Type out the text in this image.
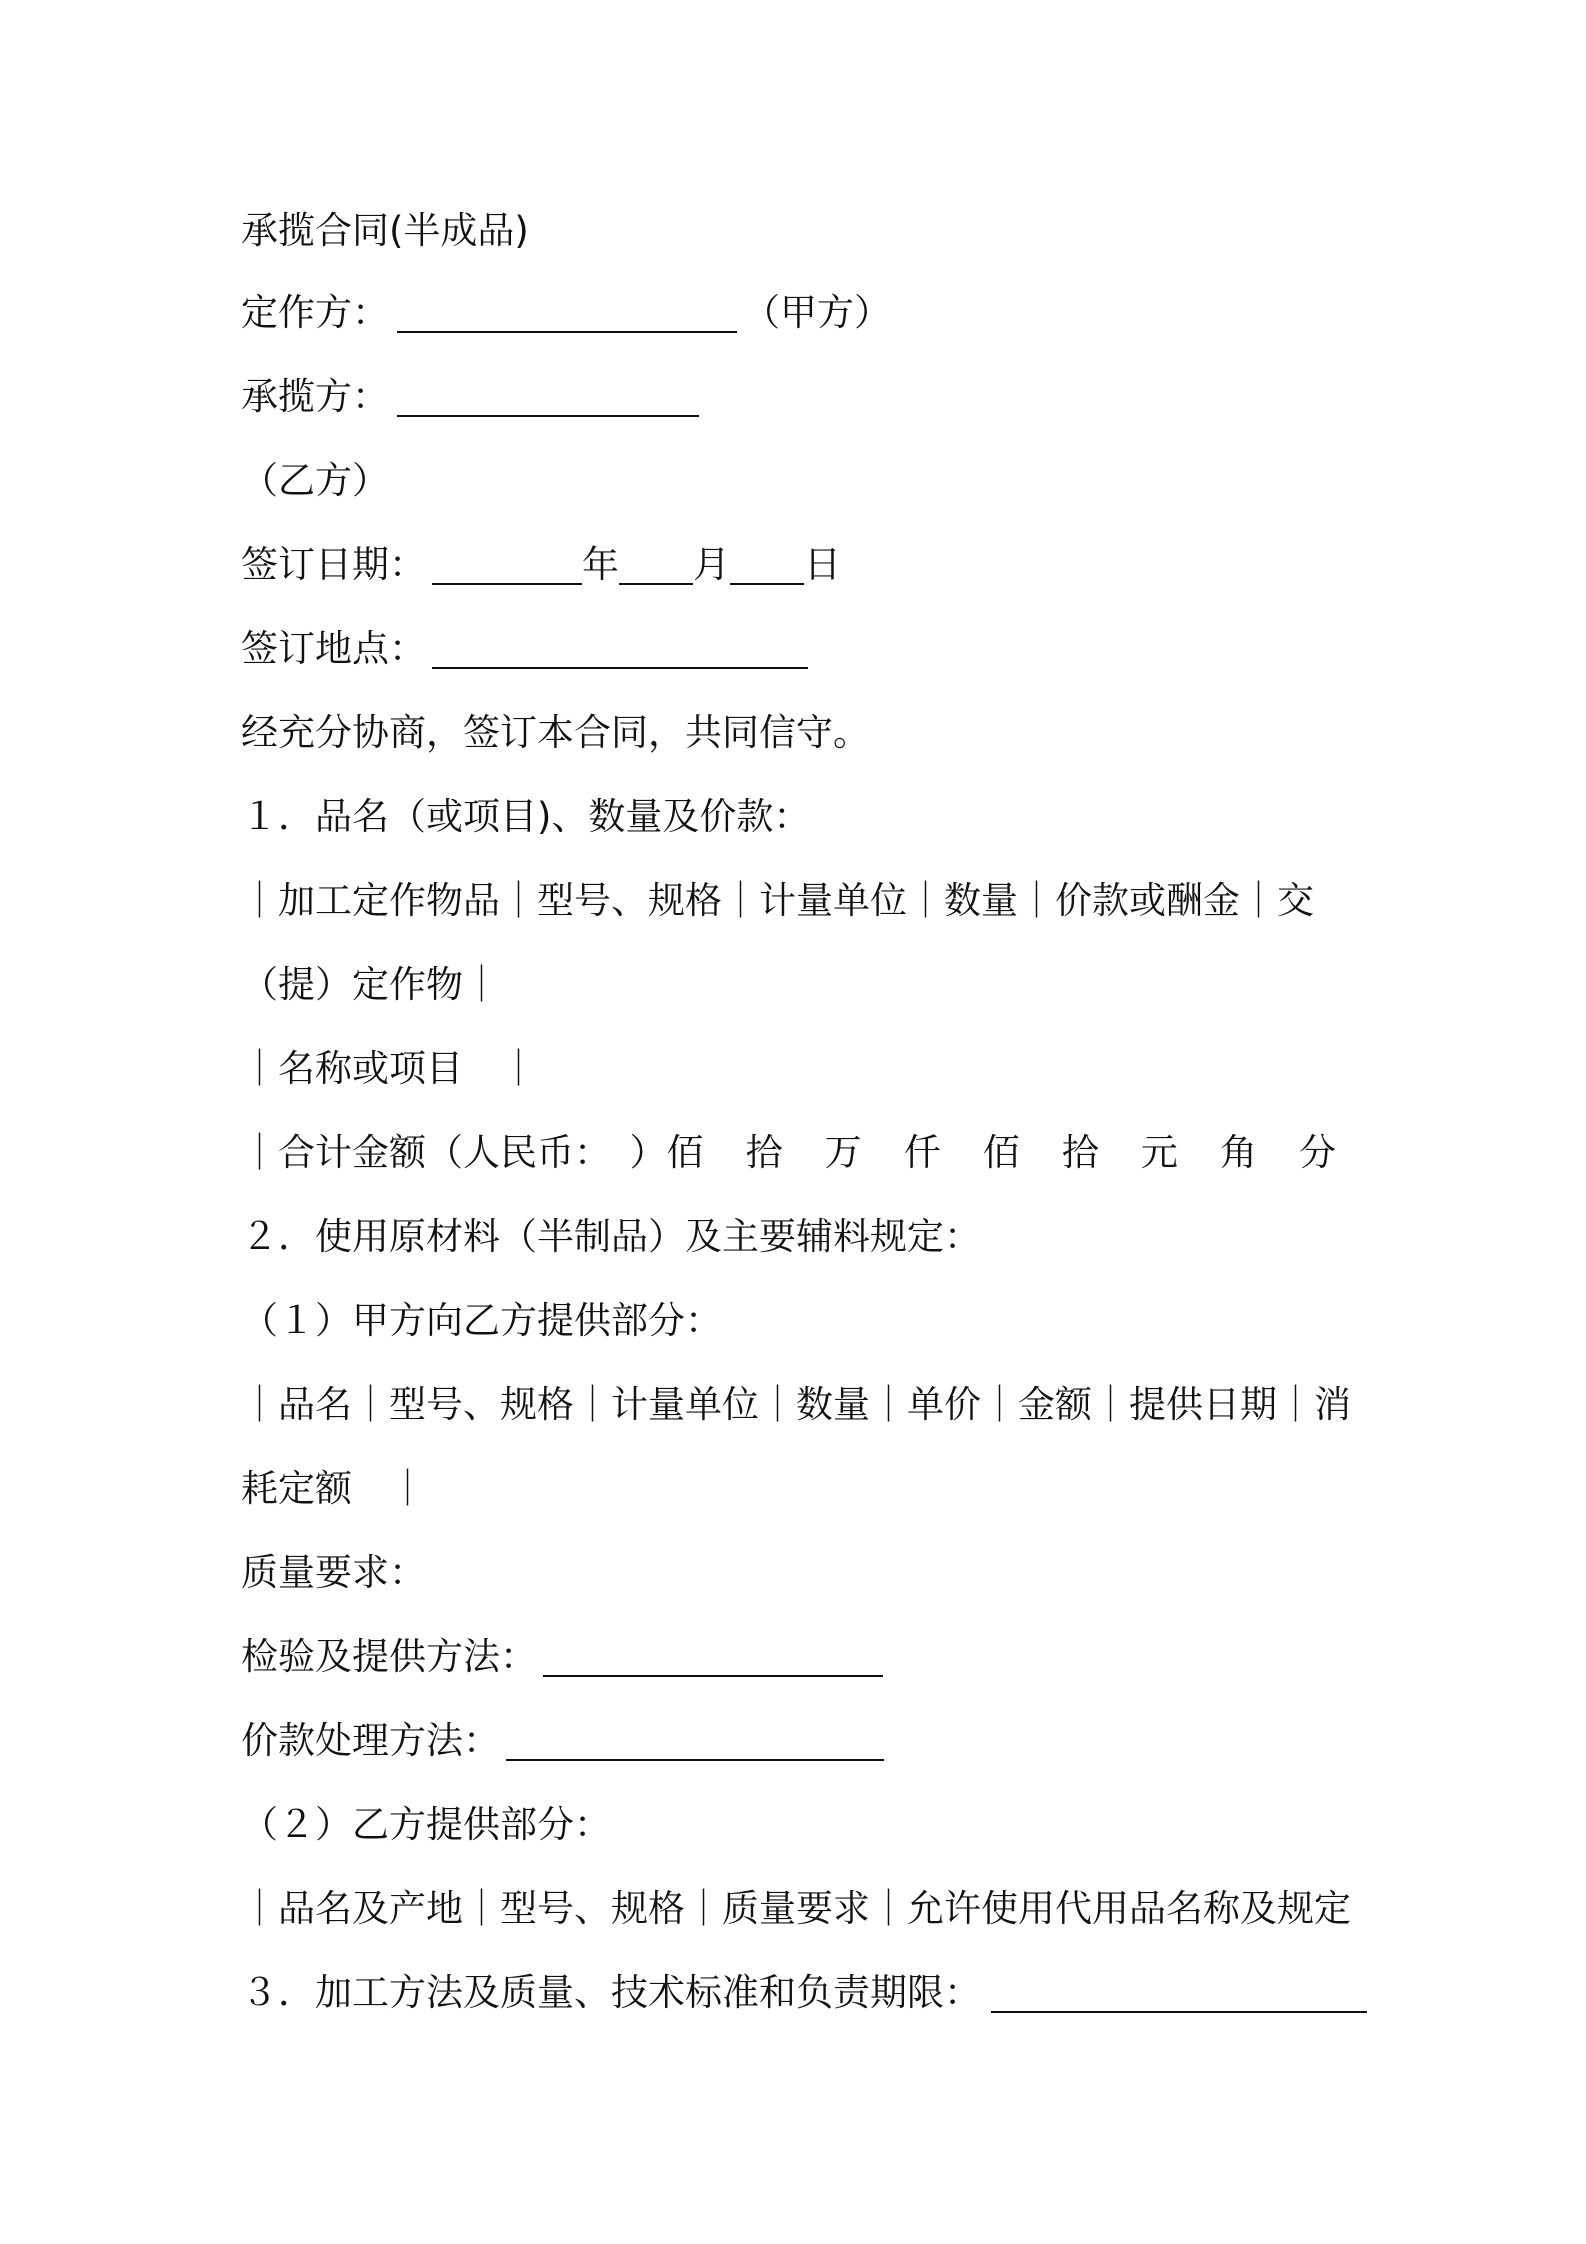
承揽合同(半成品)
定作方：	（甲方）
承揽方：
（乙方）
签订日期：	年 月 日
签订地点：
经充分协商，签订本合同，共同信守。
１．品名（或项目)、数量及价款：
｜加工定作物品｜型号、规格｜计量单位｜数量｜价款或酬金｜交
（提）定作物｜
｜名称或项目　｜
｜合计金额（人民币：　）佰 拾 万 仟 佰 拾 元 角 分
２．使用原材料（半制品）及主要辅料规定：
（１）甲方向乙方提供部分：
｜品名｜型号、规格｜计量单位｜数量｜单价｜金额｜提供日期｜消
耗定额　｜
质量要求：
检验及提供方法：
价款处理方法：
（２）乙方提供部分：
｜品名及产地｜型号、规格｜质量要求｜允许使用代用品名称及规定
３．加工方法及质量、技术标准和负责期限：
